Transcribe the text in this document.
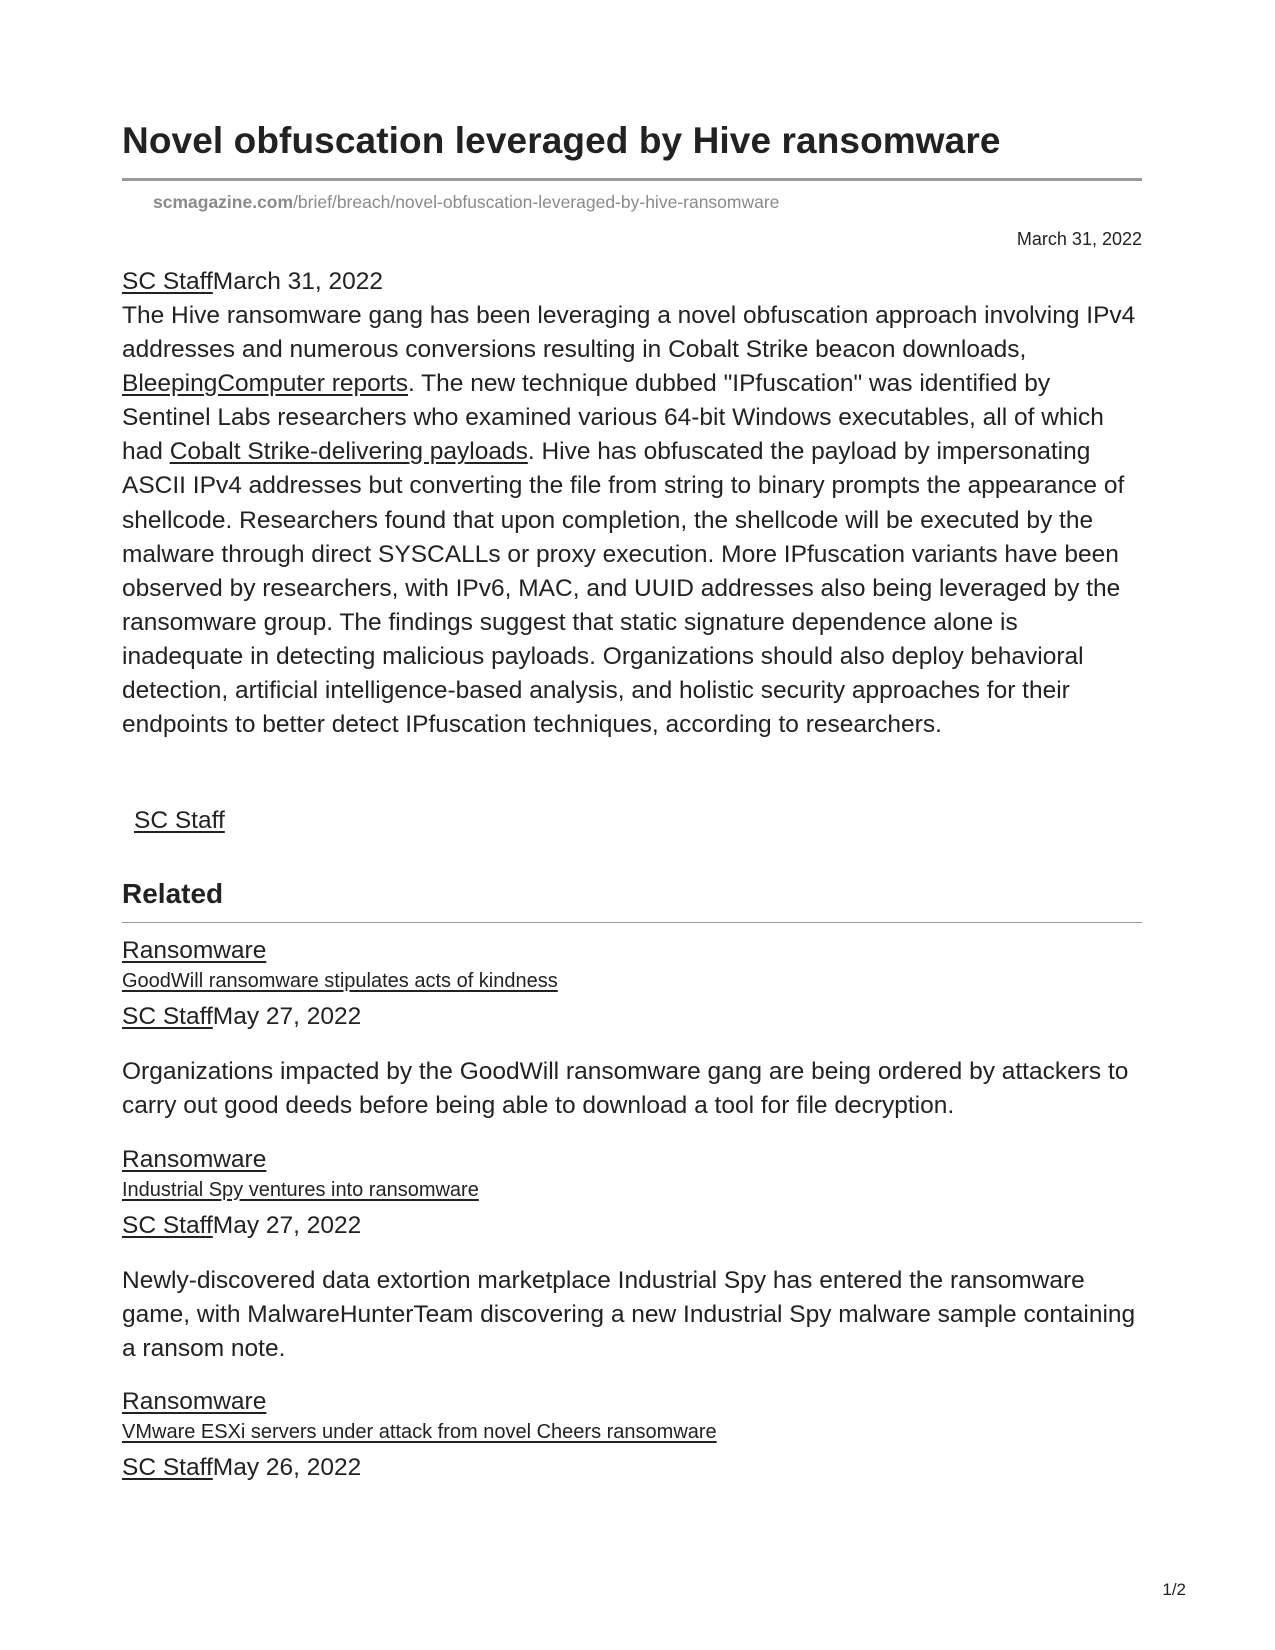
Novel obfuscation leveraged by Hive ransomware
scmagazine.com/brief/breach/novel-obfuscation-leveraged-by-hive-ransomware
March 31, 2022
SC StaffMarch 31, 2022

The Hive ransomware gang has been leveraging a novel obfuscation approach involving IPv4 addresses and numerous conversions resulting in Cobalt Strike beacon downloads, BleepingComputer reports. The new technique dubbed "IPfuscation" was identified by Sentinel Labs researchers who examined various 64-bit Windows executables, all of which had Cobalt Strike-delivering payloads. Hive has obfuscated the payload by impersonating ASCII IPv4 addresses but converting the file from string to binary prompts the appearance of shellcode. Researchers found that upon completion, the shellcode will be executed by the malware through direct SYSCALLs or proxy execution. More IPfuscation variants have been observed by researchers, with IPv6, MAC, and UUID addresses also being leveraged by the ransomware group. The findings suggest that static signature dependence alone is inadequate in detecting malicious payloads. Organizations should also deploy behavioral detection, artificial intelligence-based analysis, and holistic security approaches for their endpoints to better detect IPfuscation techniques, according to researchers.

SC Staff
Related
Ransomware
GoodWill ransomware stipulates acts of kindness
SC StaffMay 27, 2022

Organizations impacted by the GoodWill ransomware gang are being ordered by attackers to carry out good deeds before being able to download a tool for file decryption.

Ransomware
Industrial Spy ventures into ransomware
SC StaffMay 27, 2022

Newly-discovered data extortion marketplace Industrial Spy has entered the ransomware game, with MalwareHunterTeam discovering a new Industrial Spy malware sample containing a ransom note.

Ransomware
VMware ESXi servers under attack from novel Cheers ransomware
SC StaffMay 26, 2022
1/2
